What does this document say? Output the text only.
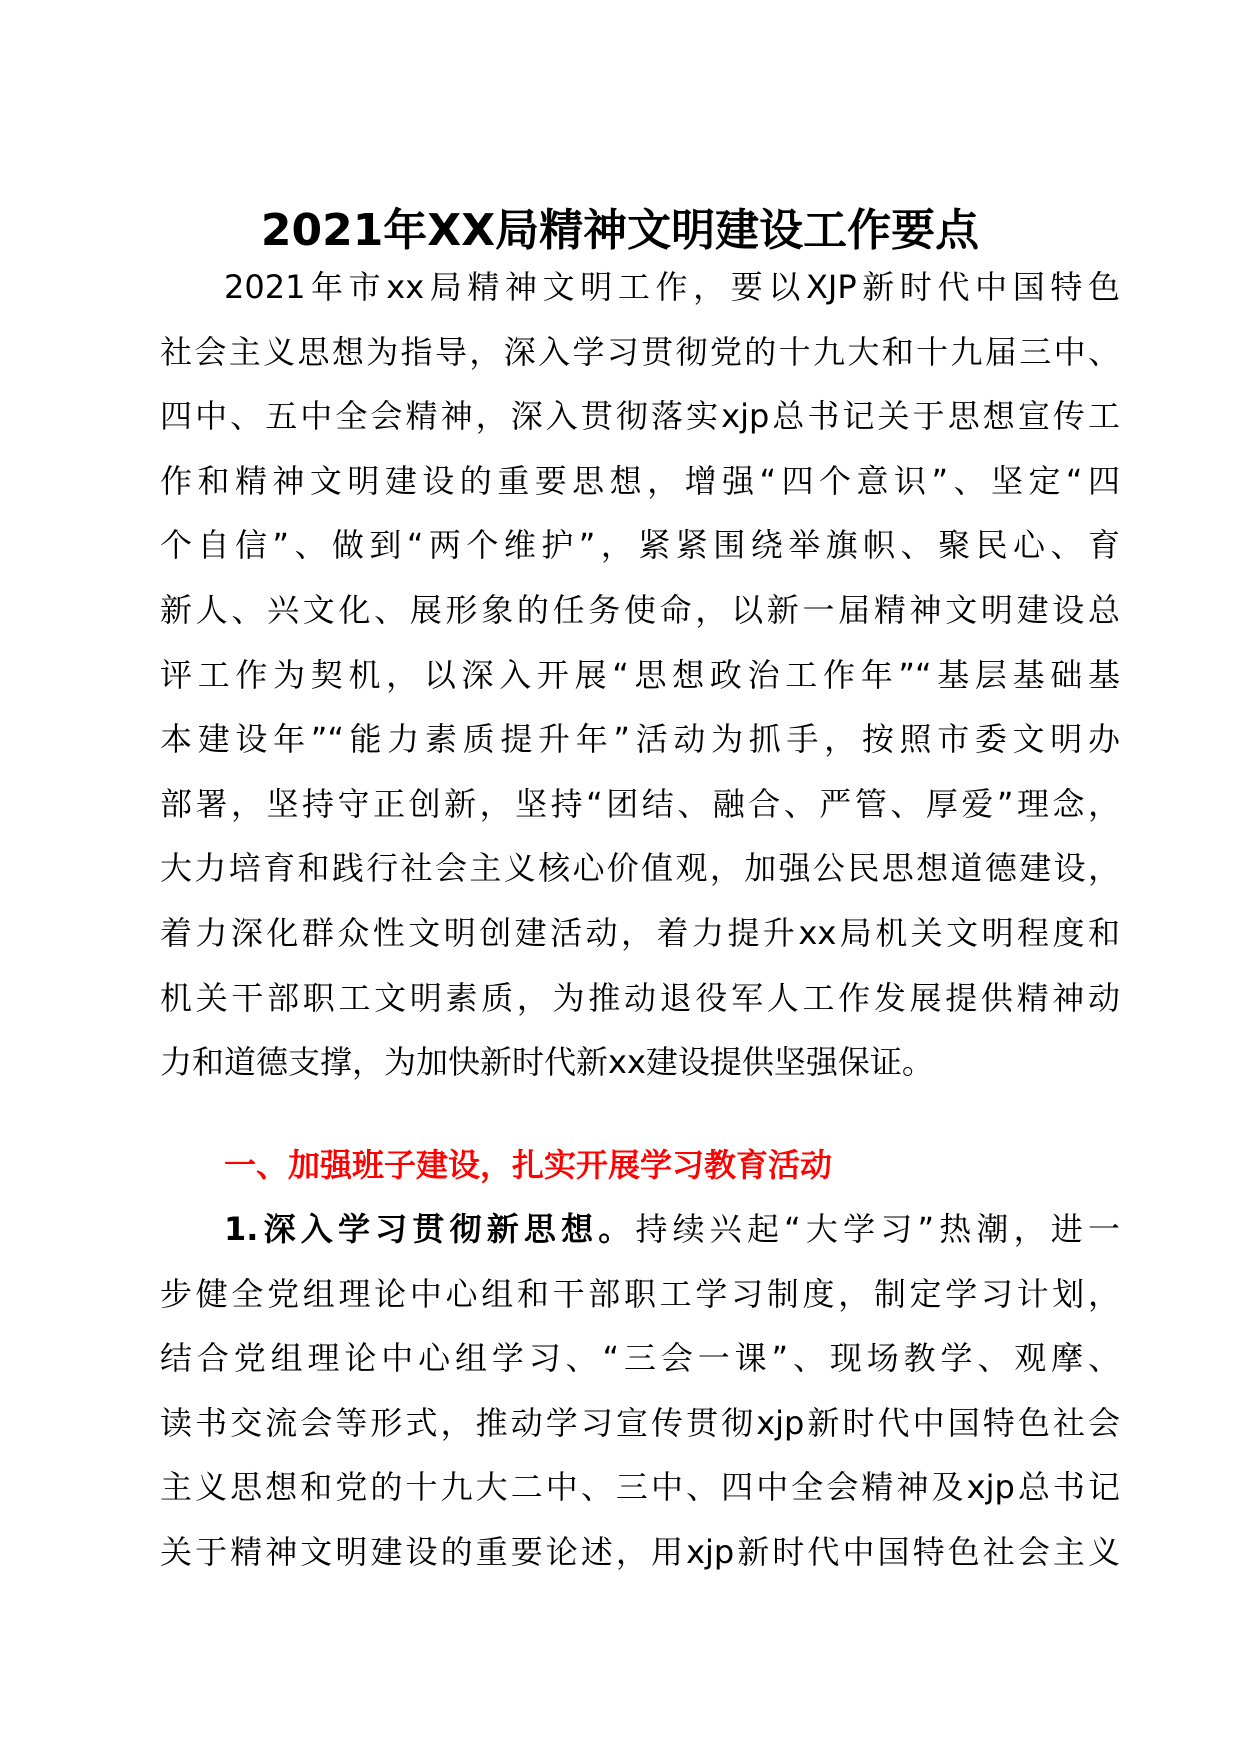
2021年XX局精神文明建设工作要点

2021年市xx局精神文明工作，要以XJP新时代中国特色
社会主义思想为指导，深入学习贯彻党的十九大和十九届三中、
四中、五中全会精神，深入贯彻落实xjp总书记关于思想宣传工
作和精神文明建设的重要思想，增强“四个意识”、坚定“四
个自信”、做到“两个维护”，紧紧围绕举旗帜、聚民心、育
新人、兴文化、展形象的任务使命，以新一届精神文明建设总
评工作为契机，以深入开展“思想政治工作年”“基层基础基
本建设年”“能力素质提升年”活动为抓手，按照市委文明办
部署，坚持守正创新，坚持“团结、融合、严管、厚爱”理念，
大力培育和践行社会主义核心价值观，加强公民思想道德建设，
着力深化群众性文明创建活动，着力提升xx局机关文明程度和
机关干部职工文明素质，为推动退役军人工作发展提供精神动
力和道德支撑，为加快新时代新xx建设提供坚强保证。

一、加强班子建设，扎实开展学习教育活动

1.深入学习贯彻新思想。持续兴起“大学习”热潮，进一
步健全党组理论中心组和干部职工学习制度，制定学习计划，
结合党组理论中心组学习、“三会一课”、现场教学、观摩、
读书交流会等形式，推动学习宣传贯彻xjp新时代中国特色社会
主义思想和党的十九大二中、三中、四中全会精神及xjp总书记
关于精神文明建设的重要论述，用xjp新时代中国特色社会主义
